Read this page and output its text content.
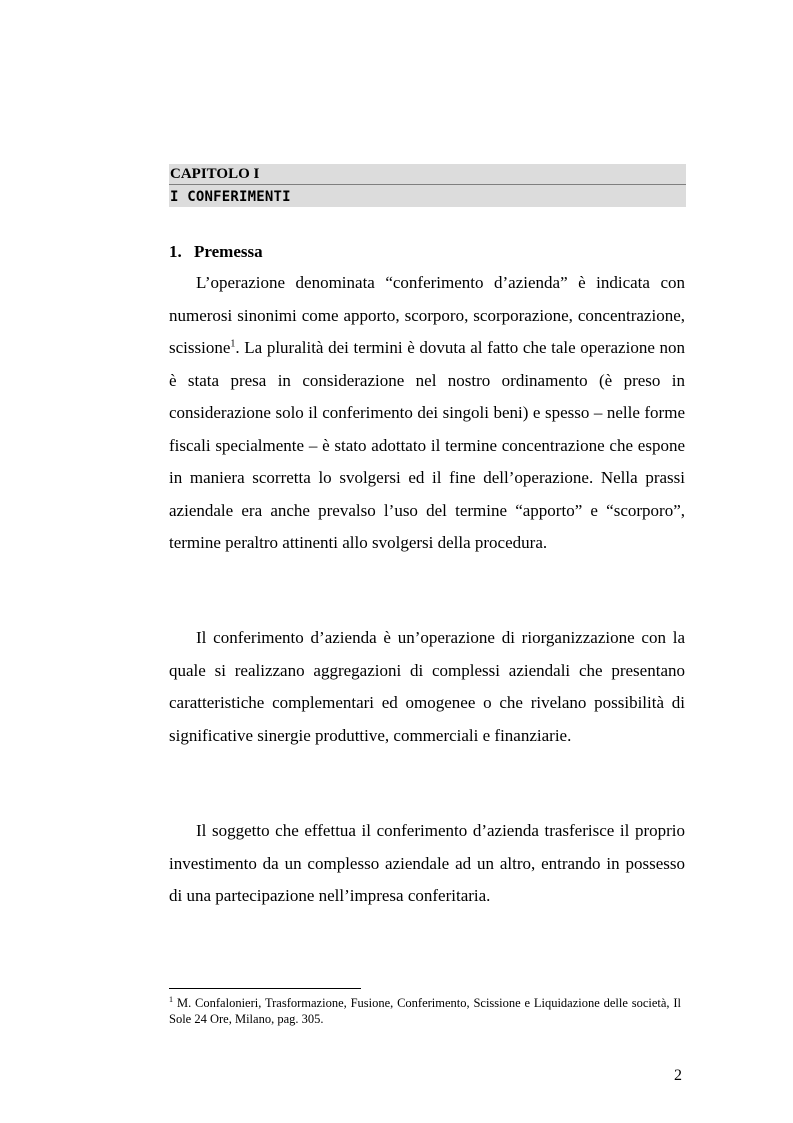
CAPITOLO I
I CONFERIMENTI
1. Premessa

L’operazione denominata “conferimento d’azienda” è indicata con numerosi sinonimi come apporto, scorporo, scorporazione, concentrazione, scissione$^1$. La pluralità dei termini è dovuta al fatto che tale operazione non è stata presa in considerazione nel nostro ordinamento (è preso in considerazione solo il conferimento dei singoli beni) e spesso – nelle forme fiscali specialmente – è stato adottato il termine concentrazione che espone in maniera scorretta lo svolgersi ed il fine dell’operazione. Nella prassi aziendale era anche prevalso l’uso del termine “apporto” e “scorporo”, termine peraltro attinenti allo svolgersi della procedura.

Il conferimento d’azienda è un’operazione di riorganizzazione con la quale si realizzano aggregazioni di complessi aziendali che presentano caratteristiche complementari ed omogenee o che rivelano possibilità di significative sinergie produttive, commerciali e finanziarie.

Il soggetto che effettua il conferimento d’azienda trasferisce il proprio investimento da un complesso aziendale ad un altro, entrando in possesso di una partecipazione nell’impresa conferitaria.

$^1$ M. Confalonieri, Trasformazione, Fusione, Conferimento, Scissione e Liquidazione delle società, Il Sole 24 Ore, Milano, pag. 305.

2
